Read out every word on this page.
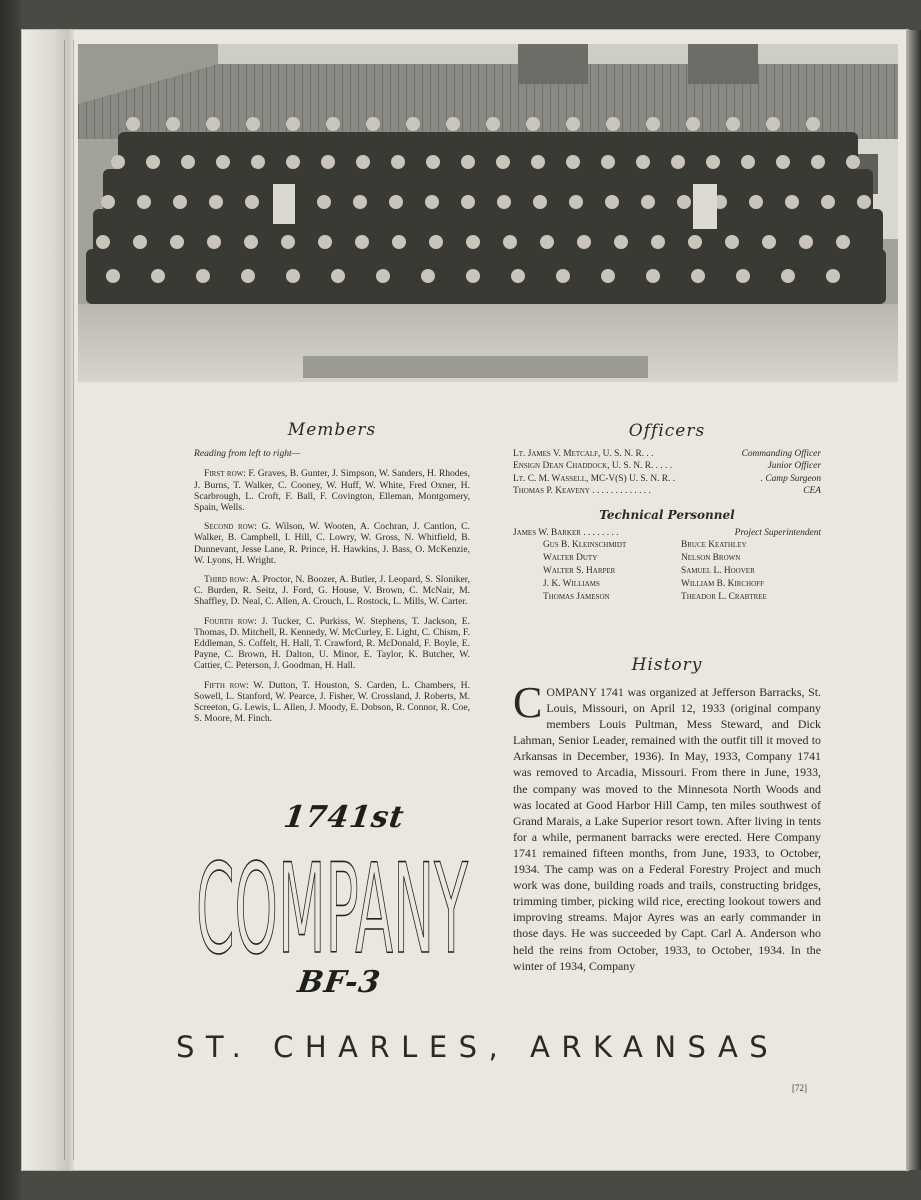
Members
Reading from left to right—

First row: F. Graves, B. Gunter, J. Simpson, W. Sanders, H. Rhodes, J. Burns, T. Walker, C. Cooney, W. Huff, W. White, Fred Oxner, H. Scarbrough, L. Croft, F. Ball, F. Covington, Elleman, Montgomery, Spain, Wells.

Second row: G. Wilson, W. Wooten, A. Cochran, J. Cantlon, C. Walker, B. Campbell, I. Hill, C. Lowry, W. Gross, N. Whitfield, B. Dunnevant, Jesse Lane, R. Prince, H. Hawkins, J. Bass, O. McKenzie, W. Lyons, H. Wright.

Third row: A. Proctor, N. Boozer, A. Butler, J. Leopard, S. Sloniker, C. Burden, R. Seitz, J. Ford, G. House, V. Brown, C. McNair, M. Shaffley, D. Neal, C. Allen, A. Crouch, L. Rostock, L. Mills, W. Carter.

Fourth row: J. Tucker, C. Purkiss, W. Stephens, T. Jackson, E. Thomas, D. Mitchell, R. Kennedy, W. McCurley, E. Light, C. Chism, F. Eddleman, S. Coffelt, H. Hall, T. Crawford, R. McDonald, F. Boyle, E. Payne, C. Brown, H. Dalton, U. Minor, E. Taylor, K. Butcher, W. Cattier, C. Peterson, J. Goodman, H. Hall.

Fifth row: W. Dutton, T. Houston, S. Carden, L. Chambers, H. Sowell, L. Stanford, W. Pearce, J. Fisher, W. Crossland, J. Roberts, M. Screeton, G. Lewis, L. Allen, J. Moody, E. Dobson, R. Connor, R. Coe, S. Moore, M. Finch.

Officers
Lt. James V. Metcalf, U. S. N. R. . .	Commanding Officer
Ensign Dean Chaddock, U. S. N. R. . . . .	Junior Officer
Lt. C. M. Wassell, MC-V(S) U. S. N. R. .	. Camp Surgeon
Thomas P. Keaveny . . . . . . . . . . . . .	CEA
Technical Personnel
James W. Barker . . . . . . . .	Project Superintendent
Gus B. Kleinschmidt	Bruce Keathley
Walter Duty	Nelson Brown
Walter S. Harper	Samuel L. Hoover
J. K. Williams	William B. Kirchoff
Thomas Jameson	Theador L. Crabtree
History
COMPANY 1741 was organized at Jefferson Barracks, St. Louis, Missouri, on April 12, 1933 (original company members Louis Pultman, Mess Steward, and Dick Lahman, Senior Leader, remained with the outfit till it moved to Arkansas in December, 1936). In May, 1933, Company 1741 was removed to Arcadia, Missouri. From there in June, 1933, the company was moved to the Minnesota North Woods and was located at Good Harbor Hill Camp, ten miles southwest of Grand Marais, a Lake Superior resort town. After living in tents for a while, permanent barracks were erected. Here Company 1741 remained fifteen months, from June, 1933, to October, 1934. The camp was on a Federal Forestry Project and much work was done, building roads and trails, constructing bridges, trimming timber, picking wild rice, erecting lookout towers and improving streams. Major Ayres was an early commander in those days. He was succeeded by Capt. Carl A. Anderson who held the reins from October, 1933, to October, 1934. In the winter of 1934, Company
1741st
COMPANY
BF-3
ST. CHARLES, ARKANSAS
[72]
